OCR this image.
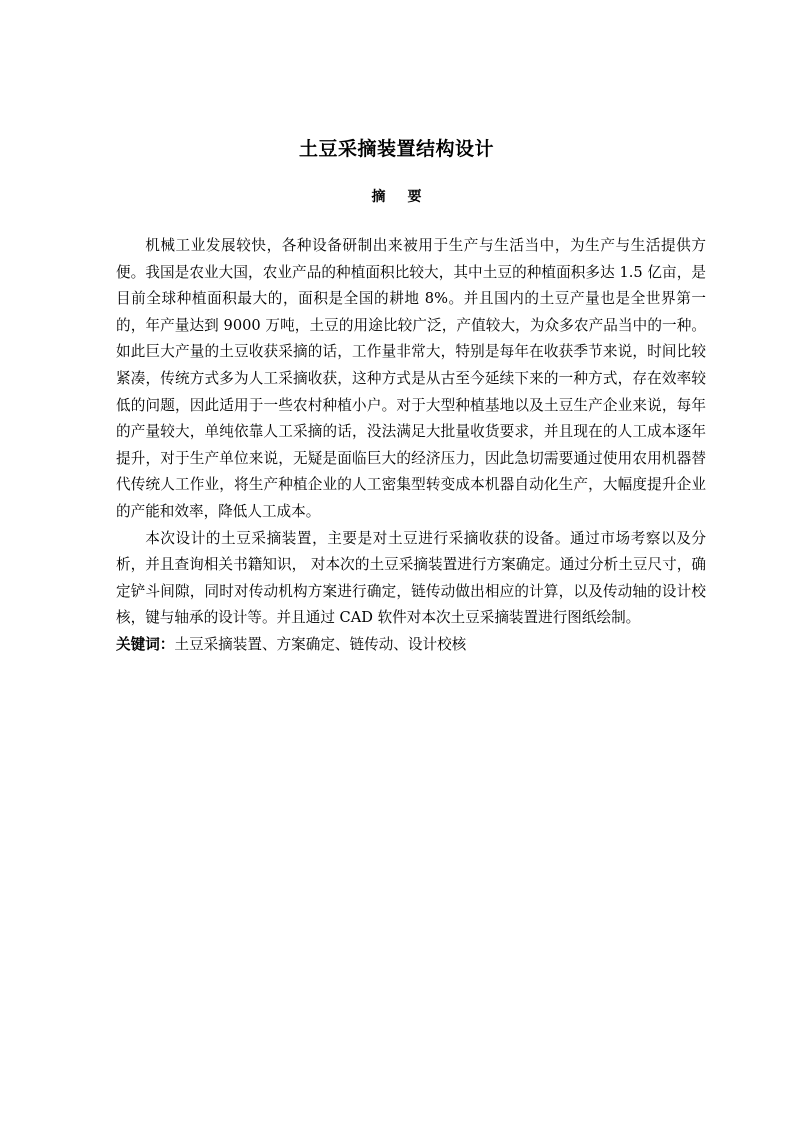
土豆采摘装置结构设计
摘 要

机械工业发展较快，各种设备研制出来被用于生产与生活当中，为生产与生活提供方便。我国是农业大国，农业产品的种植面积比较大，其中土豆的种植面积多达 1.5 亿亩，是目前全球种植面积最大的，面积是全国的耕地 8%。并且国内的土豆产量也是全世界第一的，年产量达到 9000 万吨，土豆的用途比较广泛，产值较大，为众多农产品当中的一种。如此巨大产量的土豆收获采摘的话，工作量非常大，特别是每年在收获季节来说，时间比较紧凑，传统方式多为人工采摘收获，这种方式是从古至今延续下来的一种方式，存在效率较低的问题，因此适用于一些农村种植小户。对于大型种植基地以及土豆生产企业来说，每年的产量较大，单纯依靠人工采摘的话，没法满足大批量收货要求，并且现在的人工成本逐年提升，对于生产单位来说，无疑是面临巨大的经济压力，因此急切需要通过使用农用机器替代传统人工作业，将生产种植企业的人工密集型转变成本机器自动化生产，大幅度提升企业的产能和效率，降低人工成本。

本次设计的土豆采摘装置，主要是对土豆进行采摘收获的设备。通过市场考察以及分析，并且查询相关书籍知识， 对本次的土豆采摘装置进行方案确定。通过分析土豆尺寸，确定铲斗间隙，同时对传动机构方案进行确定，链传动做出相应的计算，以及传动轴的设计校核，键与轴承的设计等。并且通过 CAD 软件对本次土豆采摘装置进行图纸绘制。

关键词：土豆采摘装置、方案确定、链传动、设计校核
